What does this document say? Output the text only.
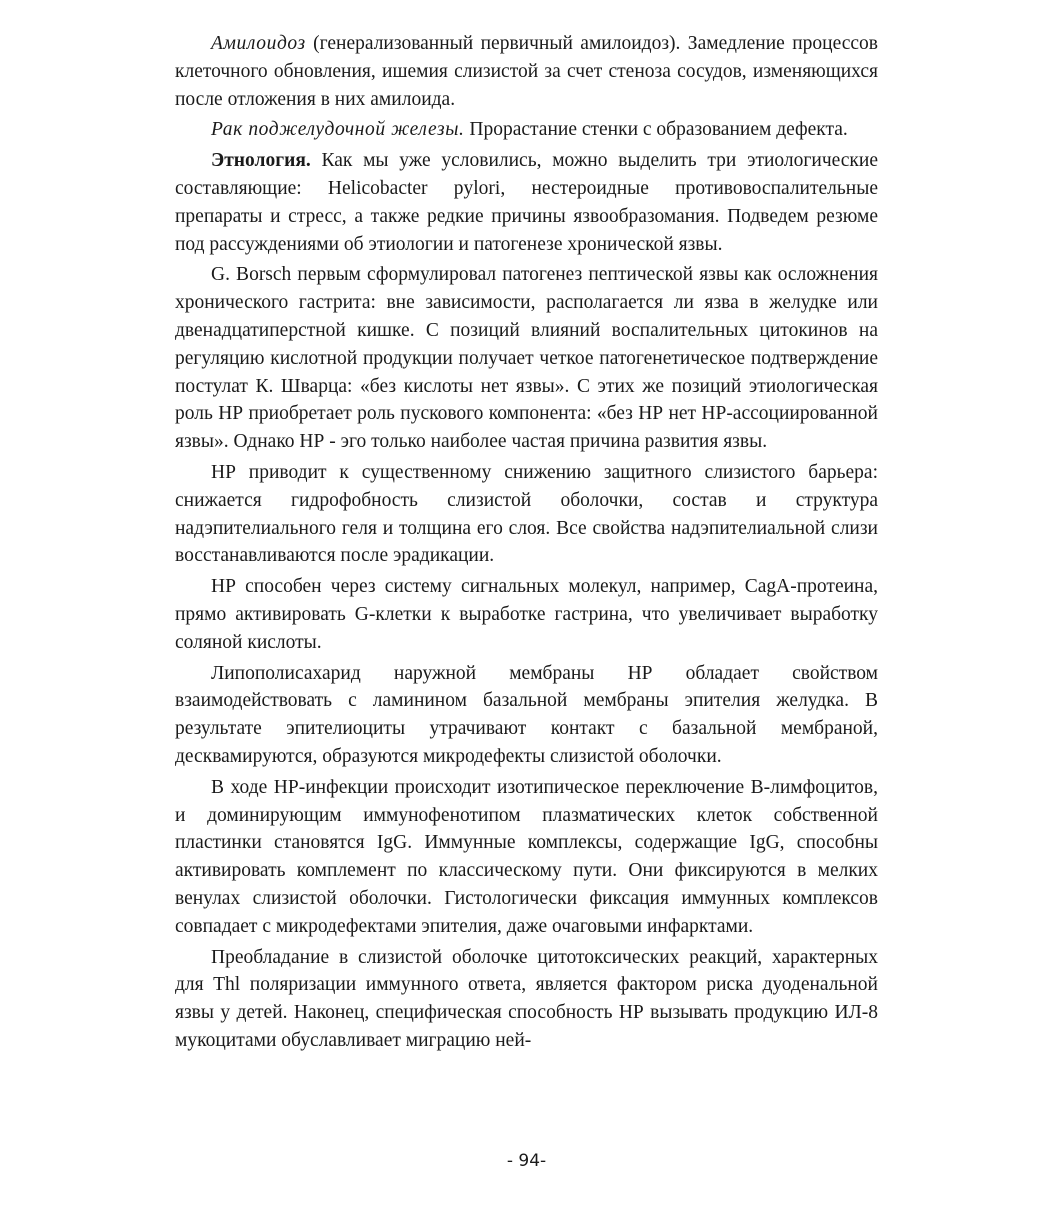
Амилоидоз (генерализованный первичный амилоидоз). Замедление процессов клеточного обновления, ишемия слизистой за счет стеноза сосудов, изменяющихся после отложения в них амилоида.

Рак поджелудочной железы. Прорастание стенки с образованием дефекта.

Этнология. Как мы уже условились, можно выделить три этиологические составляющие: Helicobacter pylori, нестероидные противовоспалительные препараты и стресс, а также редкие причины язвообразомания. Подведем резюме под рассуждениями об этиологии и патогенезе хронической язвы.

G. Borsch первым сформулировал патогенез пептической язвы как осложнения хронического гастрита: вне зависимости, располагается ли язва в желудке или двенадцатиперстной кишке. С позиций влияний воспалительных цитокинов на регуляцию кислотной продукции получает четкое патогенетическое подтверждение постулат К. Шварца: «без кислоты нет язвы». С этих же позиций этиологическая роль НР приобретает роль пускового компонента: «без НР нет НР-ассоциированной язвы». Однако НР - эго только наиболее частая причина развития язвы.

НР приводит к существенному снижению защитного слизистого барьера: снижается гидрофобность слизистой оболочки, состав и структура надэпителиального геля и толщина его слоя. Все свойства надэпителиальной слизи восстанавливаются после эрадикации.

НР способен через систему сигнальных молекул, например, CagA-протеина, прямо активировать G-клетки к выработке гастрина, что увеличивает выработку соляной кислоты.

Липополисахарид наружной мембраны НР обладает свойством взаимодействовать с ламинином базальной мембраны эпителия желудка. В результате эпителиоциты утрачивают контакт с базальной мембраной, десквамируются, образуются микродефекты слизистой оболочки.

В ходе НР-инфекции происходит изотипическое переключение В-лимфоцитов, и доминирующим иммунофенотипом плазматических клеток собственной пластинки становятся IgG. Иммунные комплексы, содержащие IgG, способны активировать комплемент по классическому пути. Они фиксируются в мелких венулах слизистой оболочки. Гистологически фиксация иммунных комплексов совпадает с микродефектами эпителия, даже очаговыми инфарктами.

Преобладание в слизистой оболочке цитотоксических реакций, характерных для Thl поляризации иммунного ответа, является фактором риска дуоденальной язвы у детей. Наконец, специфическая способность НР вызывать продукцию ИЛ-8 мукоцитами обуславливает миграцию ней-

- 94-
